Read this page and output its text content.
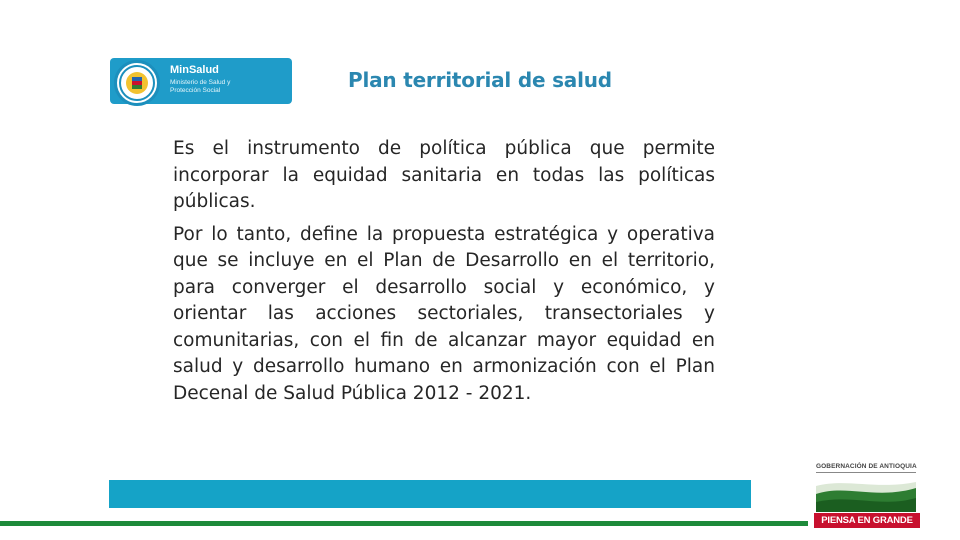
MinSalud
Ministerio de Salud y Protección Social	Plan territorial de salud

Es el instrumento de política pública que permite incorporar la equidad sanitaria en todas las políticas públicas.

Por lo tanto, define la propuesta estratégica y operativa que se incluye en el Plan de Desarrollo en el territorio, para converger el desarrollo social y económico, y orientar las acciones sectoriales, transectoriales y comunitarias, con el fin de alcanzar mayor equidad en salud y desarrollo humano en armonización con el Plan Decenal de Salud Pública 2012 - 2021.

GOBERNACIÓN DE ANTIOQUIA
PIENSA EN GRANDE
